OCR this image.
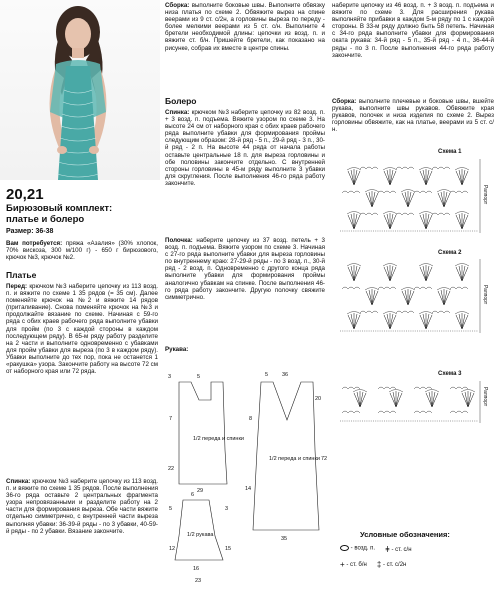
20,21
Бирюзовый комплект:
платье и болеро
Размер: 36-38
Вам потребуется: пряжа «Азалия» (30% хлопок, 70% вискоза, 300 м/100 г) - 650 г бирюзового, крючок №3, крючок №2.
Платье
Перед: крючком №3 наберите цепочку из 113 возд. п. и вяжите по схеме 1 35 рядов (= 35 см). Далее поменяйте крючок на №2 и вяжите 14 рядов (приталивание). Снова поменяйте крючок на №3 и продолжайте вязание по схеме. Начиная с 59-го ряда с обих краев рабочего ряда выполните убавки для пройм (по 3 с каждой стороны в каждом последующем ряду). В 65-м ряду работу разделите на 2 части и выполните одновременно с убавками для пройм убавки для выреза (по 3 в каждом ряду). Убавки выполните до тех пор, пока не останется 1 «ракушка» узора. Закончите работу на высоте 72 см от наборного края или 72 ряда.
Спинка: крючком №3 наберите цепочку из 113 возд. п. и вяжите по схеме 1 35 рядов. После выполнения 36-го ряда оставьте 2 центральных фрагмента узора непровязанными и разделите работу на 2 части для формирования выреза. Обе части вяжите отдельно симметрично, с внутренней части выреза выполняя убавки: 36-39-й ряды - по 3 убавки, 40-59-й ряды - по 2 убавки. Вязание закончите.
Сборка: выполните боковые швы. Выполните обвязку низа платья по схеме 2. Обвяжите вырез на спине веерами из 9 ст. с/2н, а горловины выреза по переду - более мелкими веерами из 5 ст. с/н. Выполните 4 бретели необходимой длины: цепочки из возд. п. и вяжите ст. б/н. Пришейте бретели, как показано на рисунке, собрав их вместе в центре спины.
Болеро
Спинка: крючком №3 наберите цепочку из 82 возд. п. + 3 возд. п. подъема. Вяжите узором по схеме 3. На высоте 24 см от наборного края с обих краев рабочего ряда выполните убавки для формирования проймы следующим образом: 28-й ряд - 5 п., 29-й ряд - 3 п., 30-й ряд - 2 п. На высоте 44 ряда от начала работы оставьте центральные 18 п. для выреза горловины и обе половины закончите отдельно. С внутренней стороны горловины в 45-м ряду выполните 3 убавки для скругления. После выполнения 46-го ряда работу закончите.
Полочка: наберите цепочку из 37 возд. петель + 3 возд. п. подъема. Вяжите узором по схеме 3. Начиная с 27-го ряда выполните убавки для выреза горловины по внутреннему краю: 27-29-й ряды - по 3 возд. п., 30-й ряд - 2 возд. п. Одновременно с другого конца ряда выполните убавки для формирования проймы аналогично убавкам на спинке. После выполнения 46-го ряда работу закончите. Другую полочку свяжите симметрично.
Рукава:
наберите цепочку из 46 возд. п. + 3 возд. п. подъема и вяжите по схеме 3. Для расширения рукава выполняйте прибавки в каждом 5-м ряду по 1 с каждой стороны. В 33-м ряду должно быть 58 петель. Начиная с 34-го ряда выполните убавки для формирования оката рукава: 34-й ряд - 5 п., 35-й ряд - 4 п., 36-44-й ряды - по 3 п. После выполнения 44-го ряда работу закончите.
Сборка: выполните плечевые и боковые швы, вшейте рукава, выполните швы рукавов. Обвяжите края рукавов, полочек и низа изделия по схеме 2. Вырез горловины обвяжите, как на платье, веерами из 5 ст. с/н.
1/2 переда и спинки
1/2 переда и спинки
1/2 рукава
3	5
7
22
29
36
72
20
14
35
5
8
3
15
6
16
5
12
23
Схема 1
Раппорт
Схема 2
Раппорт
Схема 3
Раппорт
Условные обозначения:
- возд. п. ǂ - ст. с/н
+ - ст. б/н ‡ - ст. с/2н
